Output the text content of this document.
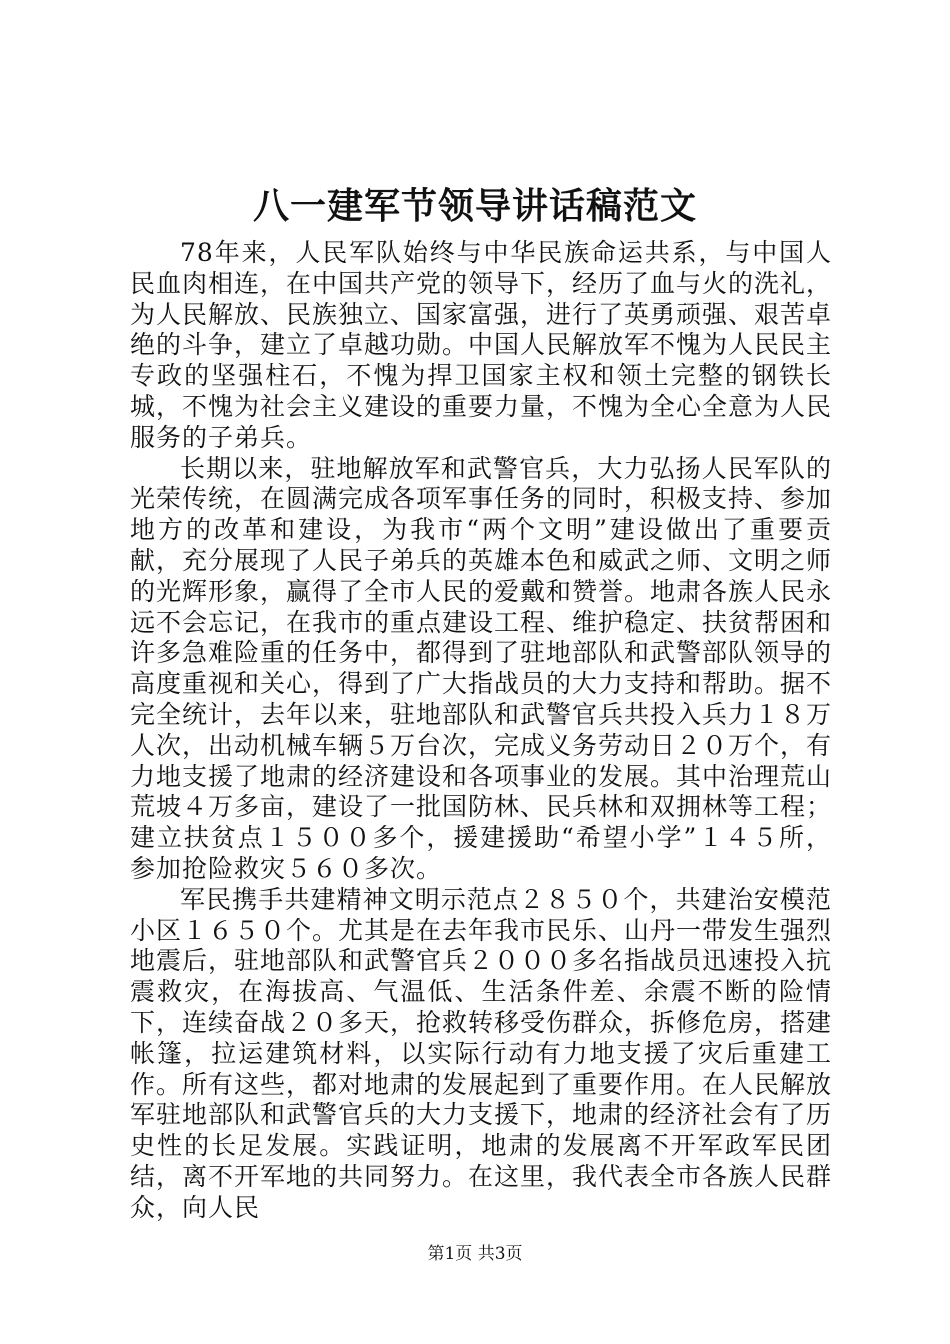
八一建军节领导讲话稿范文

78年来，人民军队始终与中华民族命运共系，与中国人民血肉相连，在中国共产党的领导下，经历了血与火的洗礼，为人民解放、民族独立、国家富强，进行了英勇顽强、艰苦卓绝的斗争，建立了卓越功勋。中国人民解放军不愧为人民民主专政的坚强柱石，不愧为捍卫国家主权和领土完整的钢铁长城，不愧为社会主义建设的重要力量，不愧为全心全意为人民服务的子弟兵。

长期以来，驻地解放军和武警官兵，大力弘扬人民军队的光荣传统，在圆满完成各项军事任务的同时，积极支持、参加地方的改革和建设，为我市“两个文明”建设做出了重要贡献，充分展现了人民子弟兵的英雄本色和威武之师、文明之师的光辉形象，赢得了全市人民的爱戴和赞誉。地肃各族人民永远不会忘记，在我市的重点建设工程、维护稳定、扶贫帮困和许多急难险重的任务中，都得到了驻地部队和武警部队领导的高度重视和关心，得到了广大指战员的大力支持和帮助。据不完全统计，去年以来，驻地部队和武警官兵共投入兵力１８万人次，出动机械车辆５万台次，完成义务劳动日２０万个，有力地支援了地肃的经济建设和各项事业的发展。其中治理荒山荒坡４万多亩，建设了一批国防林、民兵林和双拥林等工程；建立扶贫点１５００多个，援建援助“希望小学”１４５所，参加抢险救灾５６０多次。

军民携手共建精神文明示范点２８５０个，共建治安模范小区１６５０个。尤其是在去年我市民乐、山丹一带发生强烈地震后，驻地部队和武警官兵２０００多名指战员迅速投入抗震救灾，在海拔高、气温低、生活条件差、余震不断的险情下，连续奋战２０多天，抢救转移受伤群众，拆修危房，搭建帐篷，拉运建筑材料，以实际行动有力地支援了灾后重建工作。所有这些，都对地肃的发展起到了重要作用。在人民解放军驻地部队和武警官兵的大力支援下，地肃的经济社会有了历史性的长足发展。实践证明，地肃的发展离不开军政军民团结，离不开军地的共同努力。在这里，我代表全市各族人民群众，向人民

第1页 共3页
